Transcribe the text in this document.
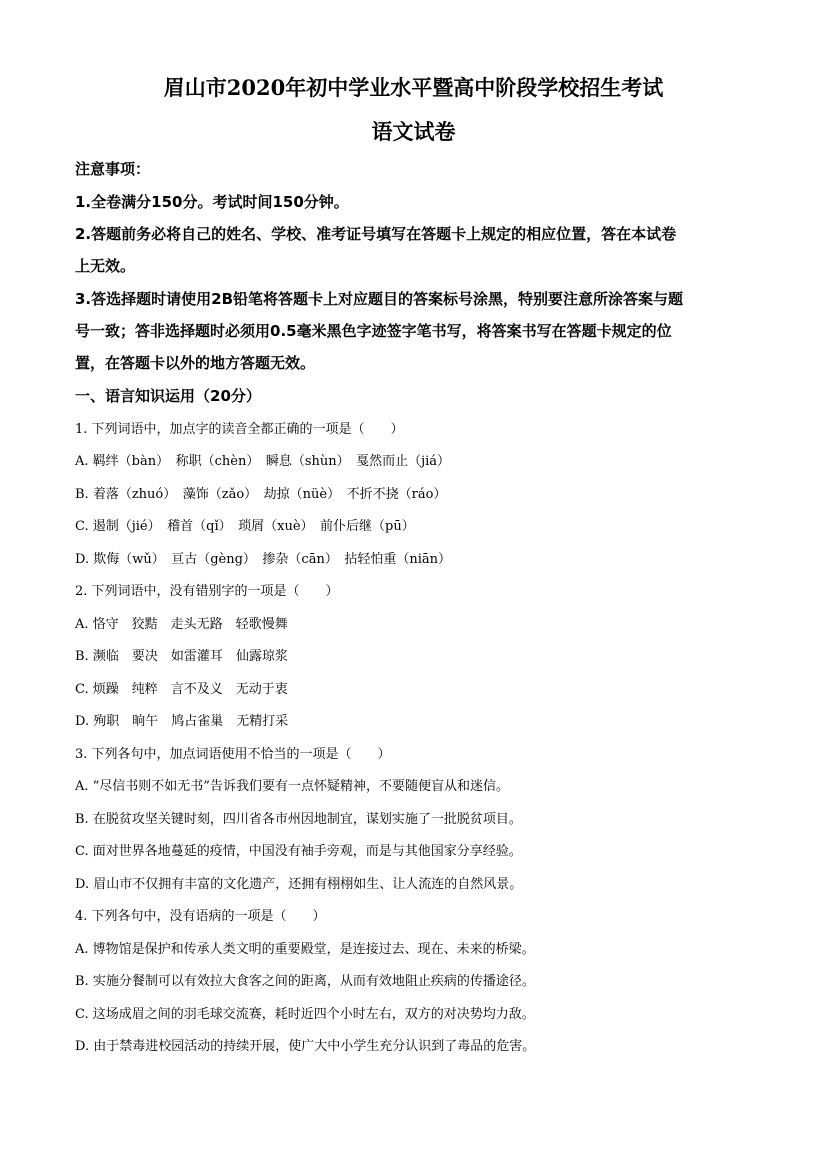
眉山市2020年初中学业水平暨高中阶段学校招生考试
语文试卷
注意事项：
1.全卷满分150分。考试时间150分钟。
2.答题前务必将自己的姓名、学校、准考证号填写在答题卡上规定的相应位置，答在本试卷
上无效。
3.答选择题时请使用2B铅笔将答题卡上对应题目的答案标号涂黑，特别要注意所涂答案与题
号一致；答非选择题时必须用0.5毫米黑色字迹签字笔书写，将答案书写在答题卡规定的位
置，在答题卡以外的地方答题无效。
一、语言知识运用（20分）
1. 下列词语中，加点字的读音全都正确的一项是（　　）
A. 羁绊（bàn）　称职（chèn）　瞬息（shùn）　戛然而止（jiá）
B. 着落（zhuó）　藻饰（zǎo）　劫掠（nüè）　不折不挠（ráo）
C. 遏制（jié）　稽首（qǐ）　琐屑（xuè）　前仆后继（pū）
D. 欺侮（wǔ）　亘古（gèng）　掺杂（cān）　拈轻怕重（niān）
2. 下列词语中，没有错别字的一项是（　　）
A. 恪守　狡黠　走头无路　轻歌慢舞
B. 濒临　要决　如雷灌耳　仙露琼浆
C. 烦躁　纯粹　言不及义　无动于衷
D. 殉职　晌午　鸠占雀巢　无精打采
3. 下列各句中，加点词语使用不恰当的一项是（　　）
A. “尽信书则不如无书”告诉我们要有一点怀疑精神，不要随便盲从和迷信。
B. 在脱贫攻坚关键时刻，四川省各市州因地制宜，谋划实施了一批脱贫项目。
C. 面对世界各地蔓延的疫情，中国没有袖手旁观，而是与其他国家分享经验。
D. 眉山市不仅拥有丰富的文化遗产，还拥有栩栩如生、让人流连的自然风景。
4. 下列各句中，没有语病的一项是（　　）
A. 博物馆是保护和传承人类文明的重要殿堂，是连接过去、现在、未来的桥梁。
B. 实施分餐制可以有效拉大食客之间的距离，从而有效地阻止疾病的传播途径。
C. 这场成眉之间的羽毛球交流赛，耗时近四个小时左右，双方的对决势均力敌。
D. 由于禁毒进校园活动的持续开展，使广大中小学生充分认识到了毒品的危害。
